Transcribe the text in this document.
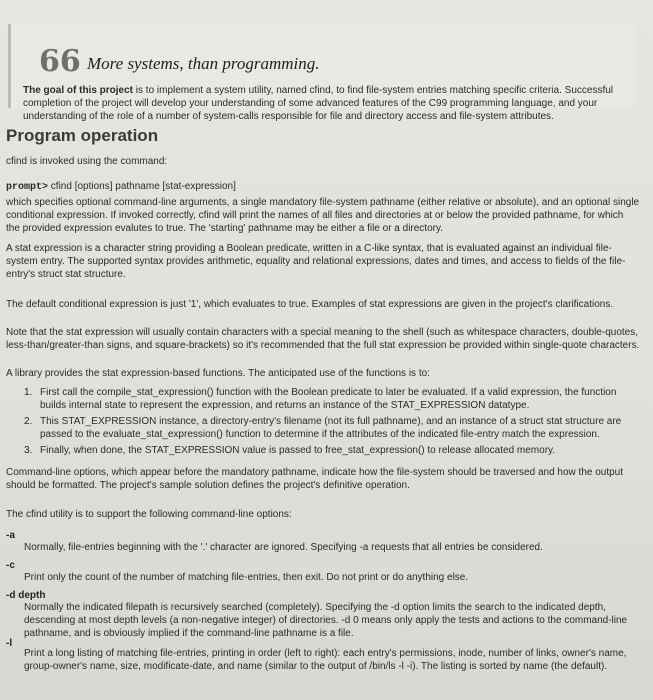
66 More systems, than programming.
The goal of this project is to implement a system utility, named cfind, to find file-system entries matching specific criteria. Successful completion of the project will develop your understanding of some advanced features of the C99 programming language, and your understanding of the role of a number of system-calls responsible for file and directory access and file-system attributes.
Program operation
cfind is invoked using the command:
prompt> cfind [options] pathname [stat-expression]
which specifies optional command-line arguments, a single mandatory file-system pathname (either relative or absolute), and an optional single conditional expression. If invoked correctly, cfind will print the names of all files and directories at or below the provided pathname, for which the provided expression evalutes to true. The 'starting' pathname may be either a file or a directory.
A stat expression is a character string providing a Boolean predicate, written in a C-like syntax, that is evaluated against an individual file-system entry. The supported syntax provides arithmetic, equality and relational expressions, dates and times, and access to fields of the file-entry's struct stat structure.
The default conditional expression is just '1', which evaluates to true. Examples of stat expressions are given in the project's clarifications.
Note that the stat expression will usually contain characters with a special meaning to the shell (such as whitespace characters, double-quotes, less-than/greater-than signs, and square-brackets) so it's recommended that the full stat expression be provided within single-quote characters.
A library provides the stat expression-based functions. The anticipated use of the functions is to:
1. First call the compile_stat_expression() function with the Boolean predicate to later be evaluated. If a valid expression, the function builds internal state to represent the expression, and returns an instance of the STAT_EXPRESSION datatype.
2. This STAT_EXPRESSION instance, a directory-entry's filename (not its full pathname), and an instance of a struct stat structure are passed to the evaluate_stat_expression() function to determine if the attributes of the indicated file-entry match the expression.
3. Finally, when done, the STAT_EXPRESSION value is passed to free_stat_expression() to release allocated memory.
Command-line options, which appear before the mandatory pathname, indicate how the file-system should be traversed and how the output should be formatted. The project's sample solution defines the project's definitive operation.
The cfind utility is to support the following command-line options:
-a
Normally, file-entries beginning with the '.' character are ignored. Specifying -a requests that all entries be considered.
-c
Print only the count of the number of matching file-entries, then exit. Do not print or do anything else.
-d depth
Normally the indicated filepath is recursively searched (completely). Specifying the -d option limits the search to the indicated depth, descending at most depth levels (a non-negative integer) of directories. -d 0 means only apply the tests and actions to the command-line pathname, and is obviously implied if the command-line pathname is a file.
-l
Print a long listing of matching file-entries, printing in order (left to right): each entry's permissions, inode, number of links, owner's name, group-owner's name, size, modificate-date, and name (similar to the output of /bin/ls -l -i). The listing is sorted by name (the default).
